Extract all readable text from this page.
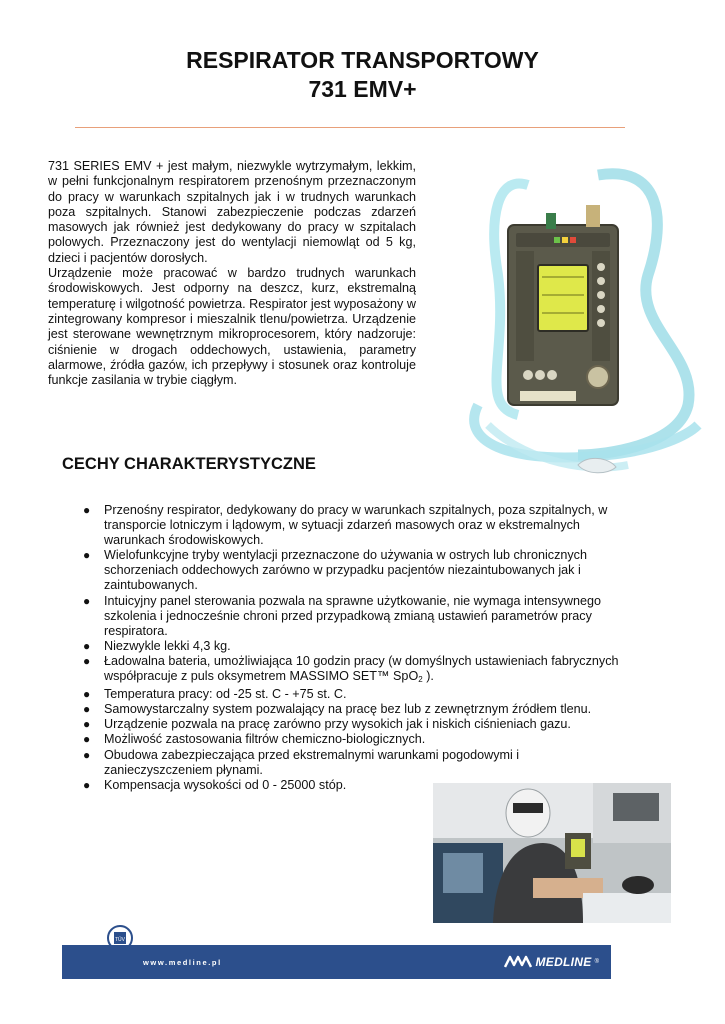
RESPIRATOR TRANSPORTOWY
731 EMV+

731 SERIES EMV + jest małym, niezwykle wytrzymałym, lekkim, w pełni funkcjonalnym respiratorem przenośnym przeznaczonym do pracy w warunkach szpitalnych jak i w trudnych warunkach poza szpitalnych. Stanowi zabezpieczenie podczas zdarzeń masowych jak również jest dedykowany do pracy w szpitalach polowych. Przeznaczony jest do wentylacji niemowląt od 5 kg, dzieci i pacjentów dorosłych.

Urządzenie może pracować w bardzo trudnych warunkach środowiskowych. Jest odporny na deszcz, kurz, ekstremalną temperaturę i wilgotność powietrza. Respirator jest wyposażony w zintegrowany kompresor i mieszalnik tlenu/powietrza. Urządzenie jest sterowane wewnętrznym mikroprocesorem, który nadzoruje: ciśnienie w drogach oddechowych, ustawienia, parametry alarmowe, źródła gazów, ich przepływy i stosunek oraz kontroluje funkcje zasilania w trybie ciągłym.

CECHY CHARAKTERYSTYCZNE
● Przenośny respirator, dedykowany do pracy w warunkach szpitalnych, poza szpitalnych, w transporcie lotniczym i lądowym, w sytuacji zdarzeń masowych oraz w ekstremalnych warunkach środowiskowych.
● Wielofunkcyjne tryby wentylacji przeznaczone do używania w ostrych lub chronicznych schorzeniach oddechowych zarówno w przypadku pacjentów niezaintubowanych jak i zaintubowanych.
● Intuicyjny panel sterowania pozwala na sprawne użytkowanie, nie wymaga intensywnego szkolenia i jednocześnie chroni przed przypadkową zmianą ustawień parametrów pracy respiratora.
● Niezwykle lekki 4,3 kg.
● Ładowalna bateria, umożliwiająca 10 godzin pracy (w domyślnych ustawieniach fabrycznych współpracuje z puls oksymetrem MASSIMO SET™ SpO$_2$ ).
● Temperatura pracy: od -25 st. C - +75 st. C.
● Samowystarczalny system pozwalający na pracę bez lub z zewnętrznym źródłem tlenu.
● Urządzenie pozwala na pracę zarówno przy wysokich jak i niskich ciśnieniach gazu.
● Możliwość zastosowania filtrów chemiczno-biologicznych.
● Obudowa zabezpieczająca przed ekstremalnymi warunkami pogodowymi i zanieczyszczeniem płynami.
● Kompensacja wysokości od 0 - 25000 stóp.
TÜV
www.medline.pl	MEDLINE ®
